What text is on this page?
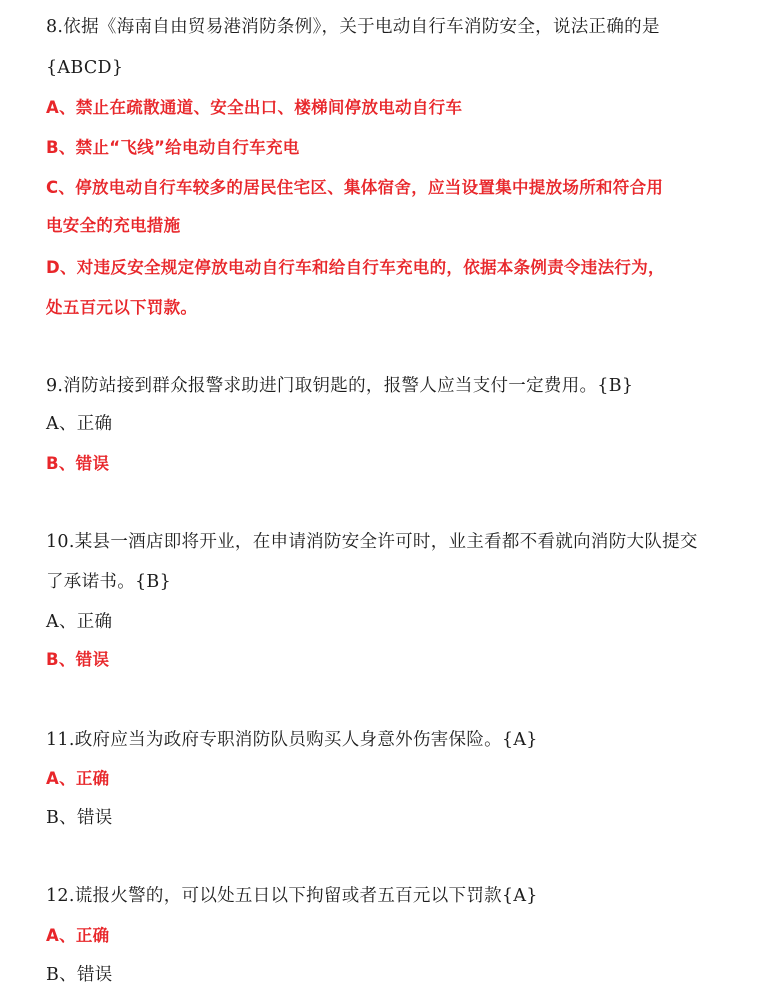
8.依据《海南自由贸易港消防条例》，关于电动自行车消防安全，说法正确的是
{ABCD}
A、禁止在疏散通道、安全出口、楼梯间停放电动自行车
B、禁止“飞线”给电动自行车充电
C、停放电动自行车较多的居民住宅区、集体宿舍，应当设置集中提放场所和符合用
电安全的充电措施
D、对违反安全规定停放电动自行车和给自行车充电的，依据本条例责令违法行为，
处五百元以下罚款。
9.消防站接到群众报警求助进门取钥匙的，报警人应当支付一定费用。{B}
A、正确
B、错误
10.某县一酒店即将开业，在申请消防安全许可时，业主看都不看就向消防大队提交
了承诺书。{B}
A、正确
B、错误
11.政府应当为政府专职消防队员购买人身意外伤害保险。{A}
A、正确
B、错误
12.谎报火警的，可以处五日以下拘留或者五百元以下罚款{A}
A、正确
B、错误
